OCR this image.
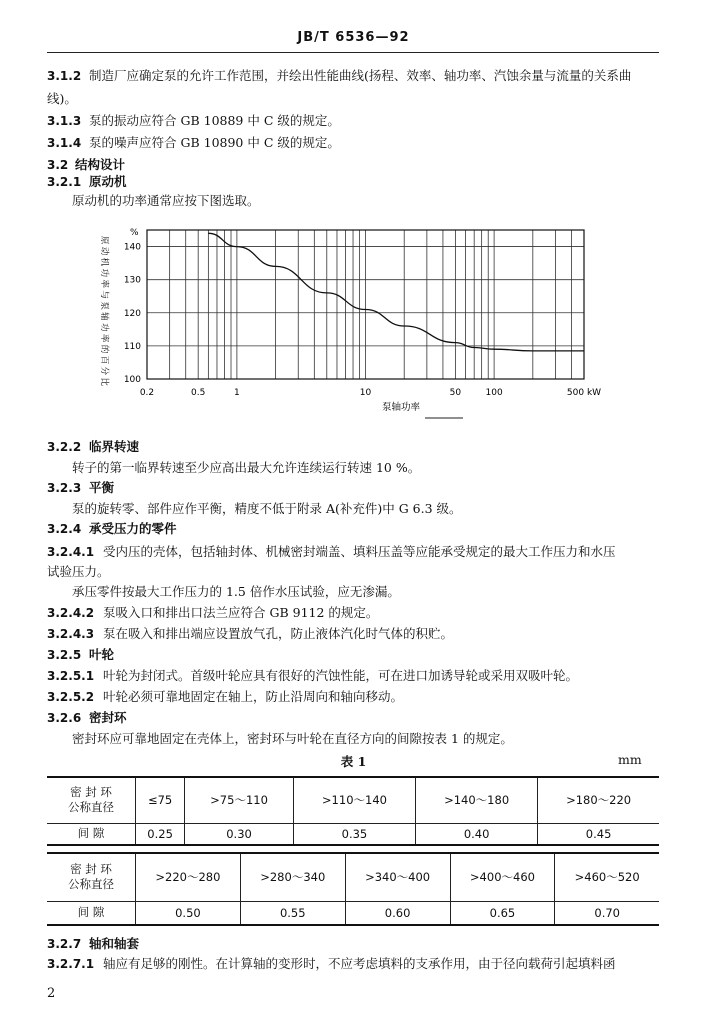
JB/T 6536—92
3.1.2 制造厂应确定泵的允许工作范围，并绘出性能曲线(扬程、效率、轴功率、汽蚀余量与流量的关系曲
线)。
3.1.3 泵的振动应符合 GB 10889 中 C 级的规定。
3.1.4 泵的噪声应符合 GB 10890 中 C 级的规定。
3.2 结构设计
3.2.1 原动机
原动机的功率通常应按下图选取。
100
110
120
130
140
0.2	0.5	1	10	50	100	500 kW
%
原动机功率与泵轴功率的百分比
泵轴功率
3.2.2 临界转速
转子的第一临界转速至少应高出最大允许连续运行转速 10 %。
3.2.3 平衡
泵的旋转零、部件应作平衡，精度不低于附录 A(补充件)中 G 6.3 级。
3.2.4 承受压力的零件
3.2.4.1 受内压的壳体，包括轴封体、机械密封端盖、填料压盖等应能承受规定的最大工作压力和水压
试验压力。
承压零件按最大工作压力的 1.5 倍作水压试验，应无渗漏。
3.2.4.2 泵吸入口和排出口法兰应符合 GB 9112 的规定。
3.2.4.3 泵在吸入和排出端应设置放气孔，防止液体汽化时气体的积贮。
3.2.5 叶轮
3.2.5.1 叶轮为封闭式。首级叶轮应具有很好的汽蚀性能，可在进口加诱导轮或采用双吸叶轮。
3.2.5.2 叶轮必须可靠地固定在轴上，防止沿周向和轴向移动。
3.2.6 密封环
密封环应可靠地固定在壳体上，密封环与叶轮在直径方向的间隙按表 1 的规定。
表 1	mm
密 封 环
公称直径	≤75	>75～110	>110～140	>140～180	>180～220
间 隙	0.25	0.30	0.35	0.40	0.45
密 封 环
公称直径	>220～280	>280～340	>340～400	>400～460	>460～520
间 隙	0.50	0.55	0.60	0.65	0.70
3.2.7 轴和轴套
3.2.7.1 轴应有足够的刚性。在计算轴的变形时，不应考虑填料的支承作用，由于径向载荷引起填料函
2
